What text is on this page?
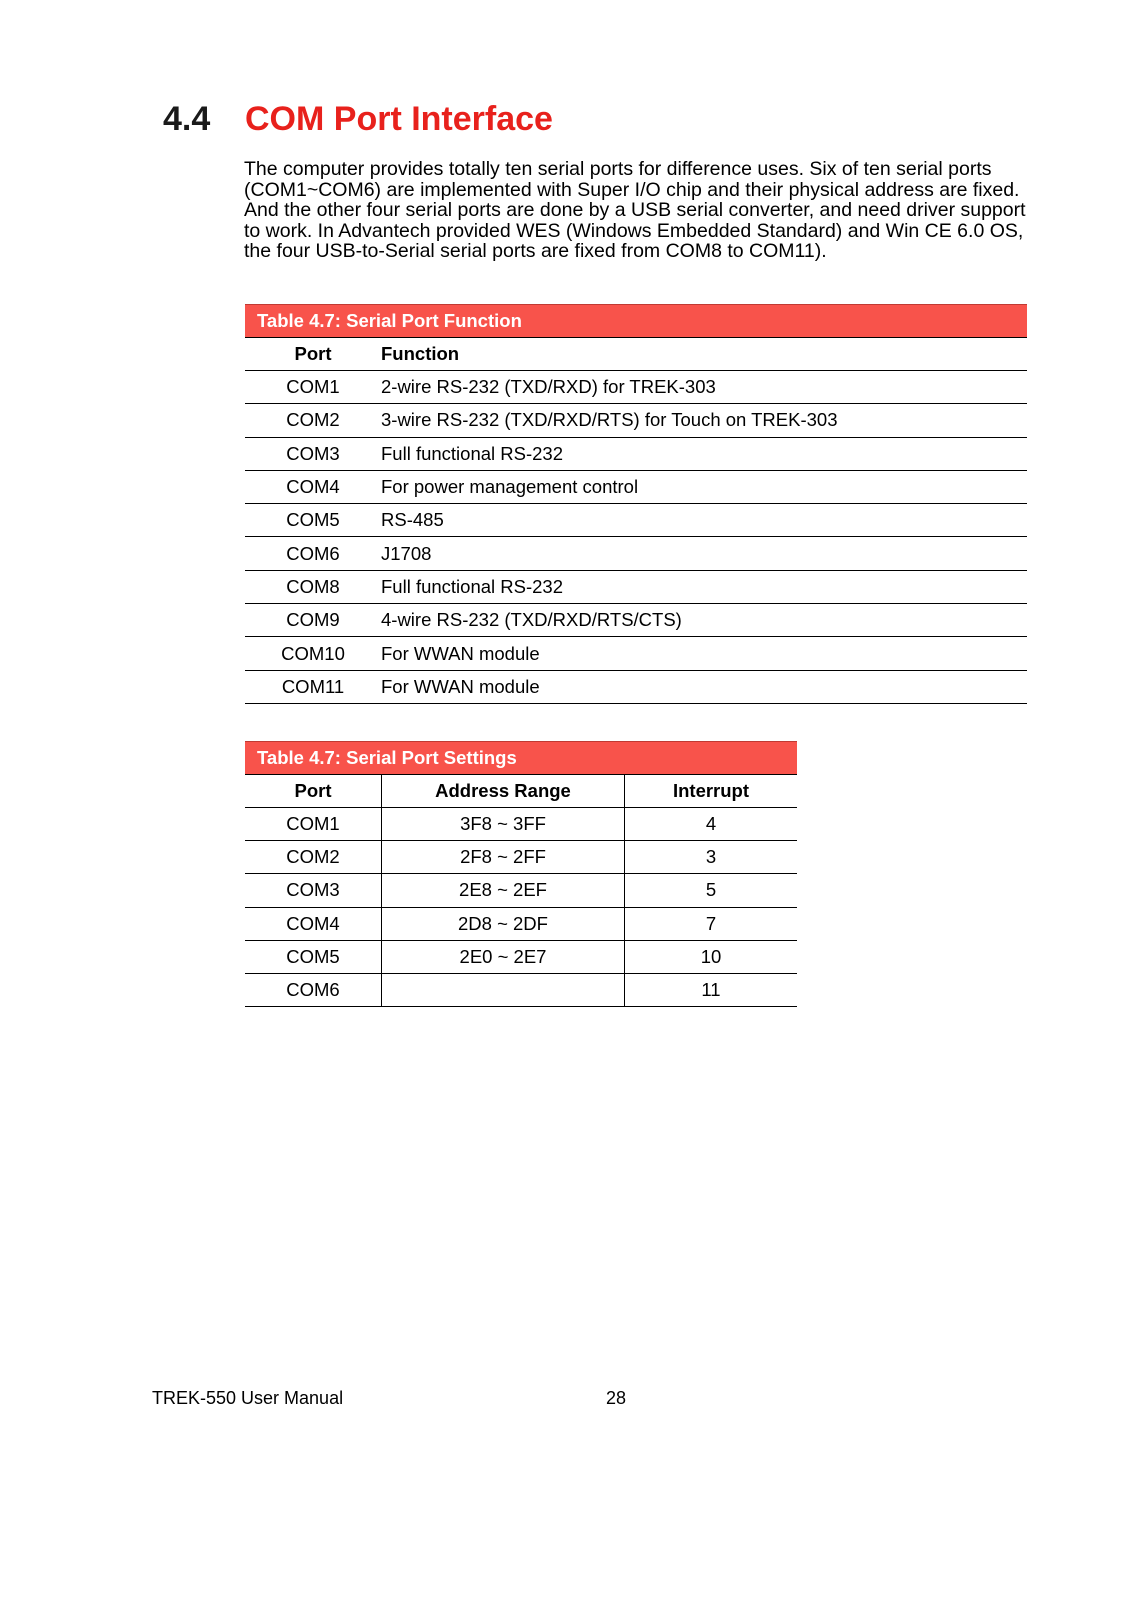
4.4 COM Port Interface
The computer provides totally ten serial ports for difference uses. Six of ten serial ports (COM1~COM6) are implemented with Super I/O chip and their physical address are fixed. And the other four serial ports are done by a USB serial converter, and need driver support to work. In Advantech provided WES (Windows Embedded Standard) and Win CE 6.0 OS, the four USB-to-Serial serial ports are fixed from COM8 to COM11).
Table 4.7: Serial Port Function	
Port	Function
COM1	2-wire RS-232 (TXD/RXD) for TREK-303
COM2	3-wire RS-232 (TXD/RXD/RTS) for Touch on TREK-303
COM3	Full functional RS-232
COM4	For power management control
COM5	RS-485
COM6	J1708
COM8	Full functional RS-232
COM9	4-wire RS-232 (TXD/RXD/RTS/CTS)
COM10	For WWAN module
COM11	For WWAN module
Table 4.7: Serial Port Settings		
Port	Address Range	Interrupt
COM1	3F8 ~ 3FF	4
COM2	2F8 ~ 2FF	3
COM3	2E8 ~ 2EF	5
COM4	2D8 ~ 2DF	7
COM5	2E0 ~ 2E7	10
COM6		11
TREK-550 User Manual	28
